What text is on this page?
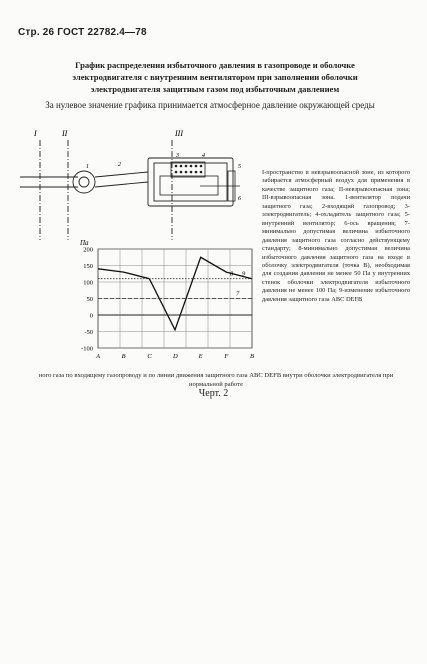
Стр. 26 ГОСТ 22782.4—78
График распределения избыточного давления в газопроводе и оболочке электродвигателя с внутренним вентилятором при заполнении оболочки электродвигателя защитным газом под избыточным давлением
За нулевое значение графика принимается атмосферное давление окружающей среды
I	II	III
1	2
3	4
5
6
Па
200
150
100
50
0
-50
-100
9
7
8
A	B	C	D	E	F	B
I-пространство в невзрывоопасной зоне, из которого забирается атмосферный воздух для применения в качестве защитного газа; II-невзрывоопасная зона; III-взрывоопасная зона. 1-вентилятор подачи защитного газа; 2-входящий газопровод; 3-электродвигатель; 4-охладитель защитного газа; 5-внутренний вентилятор; 6-ось вращения; 7-минимально допустимая величина избыточного давления защитного газа согласно действующему стандарту; 8-минимально допустимая величина избыточного давления защитного газа на входе в оболочку электродвигателя (точка В), необходимая для создания давления не менее 50 Па у внутренних стенок оболочки электродвигателя избыточного давления не менее 100 Па; 9-изменение избыточного давления защитного газа ABC DEFB
ного газа по входящему газопроводу и по линии движения защитного газа ABC DEFB внутри оболочки электродвигателя при нормальной работе
Черт. 2
